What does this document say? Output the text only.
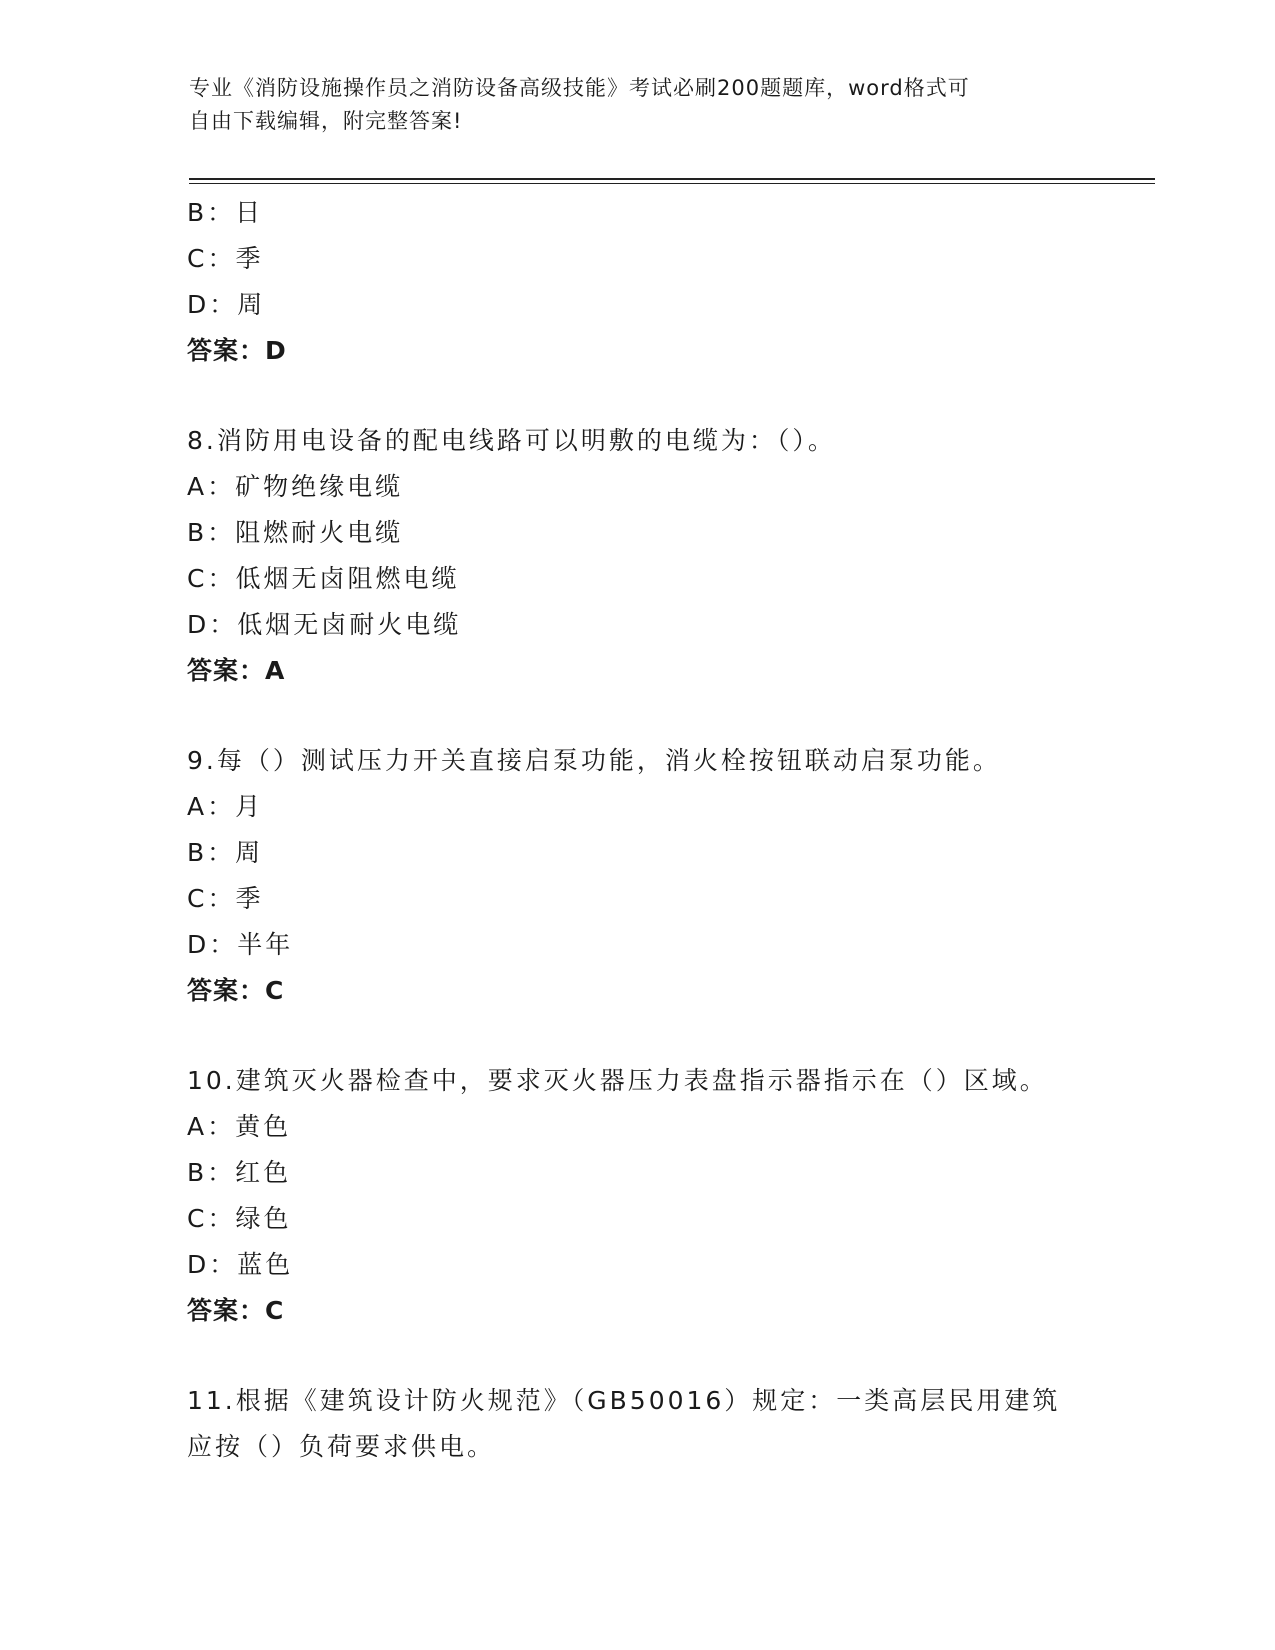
专业《消防设施操作员之消防设备高级技能》考试必刷200题题库，word格式可
自由下载编辑，附完整答案!
B：日
C：季
D：周
答案：D
8.消防用电设备的配电线路可以明敷的电缆为：（）。
A：矿物绝缘电缆
B：阻燃耐火电缆
C：低烟无卤阻燃电缆
D：低烟无卤耐火电缆
答案：A
9.每（）测试压力开关直接启泵功能，消火栓按钮联动启泵功能。
A：月
B：周
C：季
D：半年
答案：C
10.建筑灭火器检查中，要求灭火器压力表盘指示器指示在（）区域。
A：黄色
B：红色
C：绿色
D：蓝色
答案：C
11.根据《建筑设计防火规范》（GB50016）规定：一类高层民用建筑
应按（）负荷要求供电。
